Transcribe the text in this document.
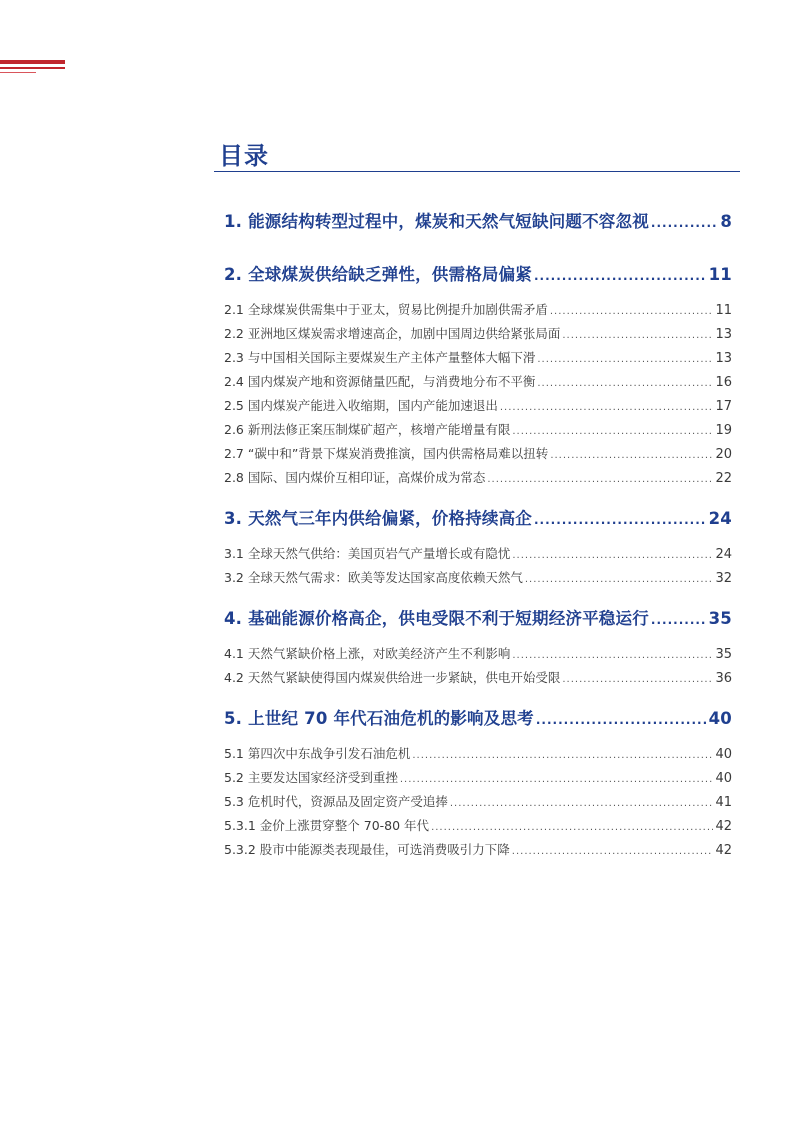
目录
1. 能源结构转型过程中，煤炭和天然气短缺问题不容忽视 .....	8
2. 全球煤炭供给缺乏弹性，供需格局偏紧 .....	11
2.1 全球煤炭供需集中于亚太，贸易比例提升加剧供需矛盾 .....	11
2.2 亚洲地区煤炭需求增速高企，加剧中国周边供给紧张局面 .....	13
2.3 与中国相关国际主要煤炭生产主体产量整体大幅下滑 .....	13
2.4 国内煤炭产地和资源储量匹配，与消费地分布不平衡 .....	16
2.5 国内煤炭产能进入收缩期，国内产能加速退出 .....	17
2.6 新刑法修正案压制煤矿超产，核增产能增量有限 .....	19
2.7 “碳中和”背景下煤炭消费推演，国内供需格局难以扭转 .....	20
2.8 国际、国内煤价互相印证，高煤价成为常态 .....	22
3. 天然气三年内供给偏紧，价格持续高企 .....	24
3.1 全球天然气供给：美国页岩气产量增长或有隐忧 .....	24
3.2 全球天然气需求：欧美等发达国家高度依赖天然气 .....	32
4. 基础能源价格高企，供电受限不利于短期经济平稳运行 .....	35
4.1 天然气紧缺价格上涨，对欧美经济产生不利影响 .....	35
4.2 天然气紧缺使得国内煤炭供给进一步紧缺，供电开始受限 .....	36
5. 上世纪 70 年代石油危机的影响及思考 .....	40
5.1 第四次中东战争引发石油危机 .....	40
5.2 主要发达国家经济受到重挫 .....	40
5.3 危机时代，资源品及固定资产受追捧 .....	41
5.3.1 金价上涨贯穿整个 70-80 年代 .....	42
5.3.2 股市中能源类表现最佳，可选消费吸引力下降 .....	42
